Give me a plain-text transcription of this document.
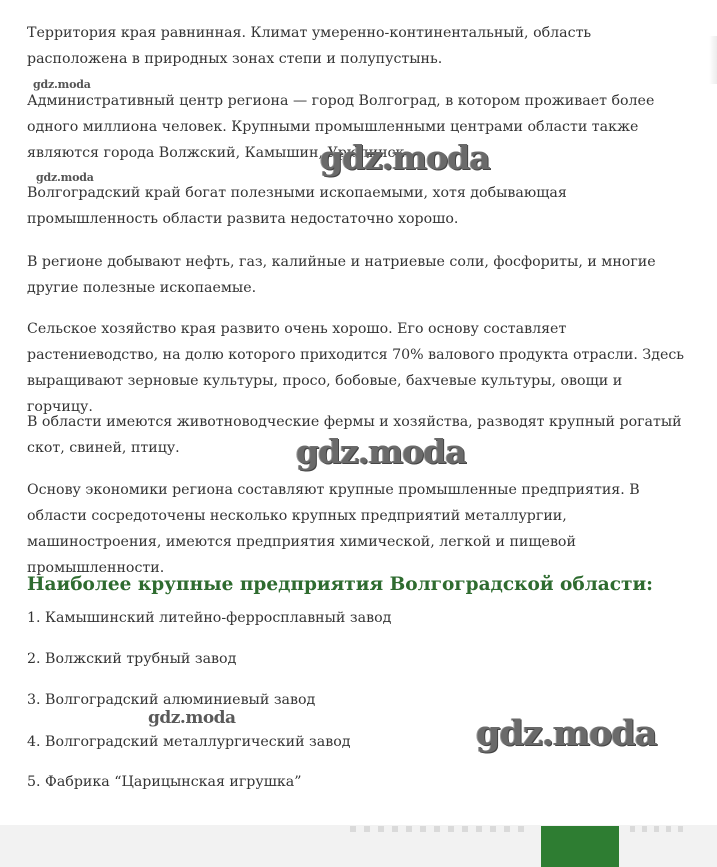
Территория края равнинная. Климат умеренно-континентальный, область расположена в природных зонах степи и полупустынь.

gdz.moda

Административный центр региона — город Волгоград, в котором проживает более одного миллиона человек. Крупными промышленными центрами области также являются города Волжский, Камышин, Урюпинск.

gdz.moda
gdz.moda

Волгоградский край богат полезными ископаемыми, хотя добывающая промышленность области развита недостаточно хорошо.

В регионе добывают нефть, газ, калийные и натриевые соли, фосфориты, и многие другие полезные ископаемые.

Сельское хозяйство края развито очень хорошо. Его основу составляет растениеводство, на долю которого приходится 70% валового продукта отрасли. Здесь выращивают зерновые культуры, просо, бобовые, бахчевые культуры, овощи и горчицу.

В области имеются животноводческие фермы и хозяйства, разводят крупный рогатый скот, свиней, птицу.	gdz.moda

Основу экономики региона составляют крупные промышленные предприятия. В области сосредоточены несколько крупных предприятий металлургии, машиностроения, имеются предприятия химической, легкой и пищевой промышленности.

Наиболее крупные предприятия Волгоградской области:

1. Камышинский литейно-ферросплавный завод

2. Волжский трубный завод

3. Волгоградский алюминиевый завод

gdz.moda

4. Волгоградский металлургический завод	gdz.moda

5. Фабрика “Царицынская игрушка”
